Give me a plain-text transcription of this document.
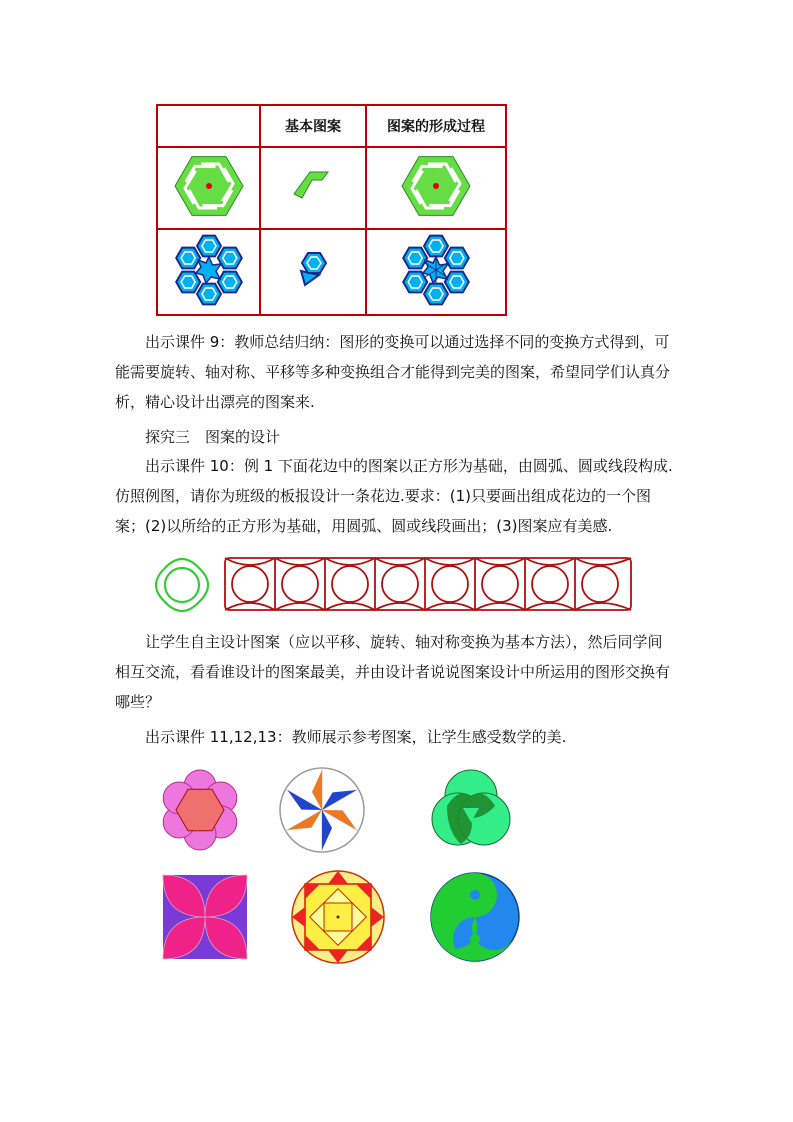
	基本图案	图案的形成过程

出示课件 9：教师总结归纳：图形的变换可以通过选择不同的变换方式得到，可能需要旋转、轴对称、平移等多种变换组合才能得到完美的图案，希望同学们认真分析，精心设计出漂亮的图案来.

探究三　图案的设计

出示课件 10：例 1 下面花边中的图案以正方形为基础，由圆弧、圆或线段构成.仿照例图，请你为班级的板报设计一条花边.要求：(1)只要画出组成花边的一个图案；(2)以所给的正方形为基础，用圆弧、圆或线段画出；(3)图案应有美感.

让学生自主设计图案（应以平移、旋转、轴对称变换为基本方法），然后同学间相互交流，看看谁设计的图案最美，并由设计者说说图案设计中所运用的图形交换有哪些？

出示课件 11,12,13：教师展示参考图案，让学生感受数学的美.
